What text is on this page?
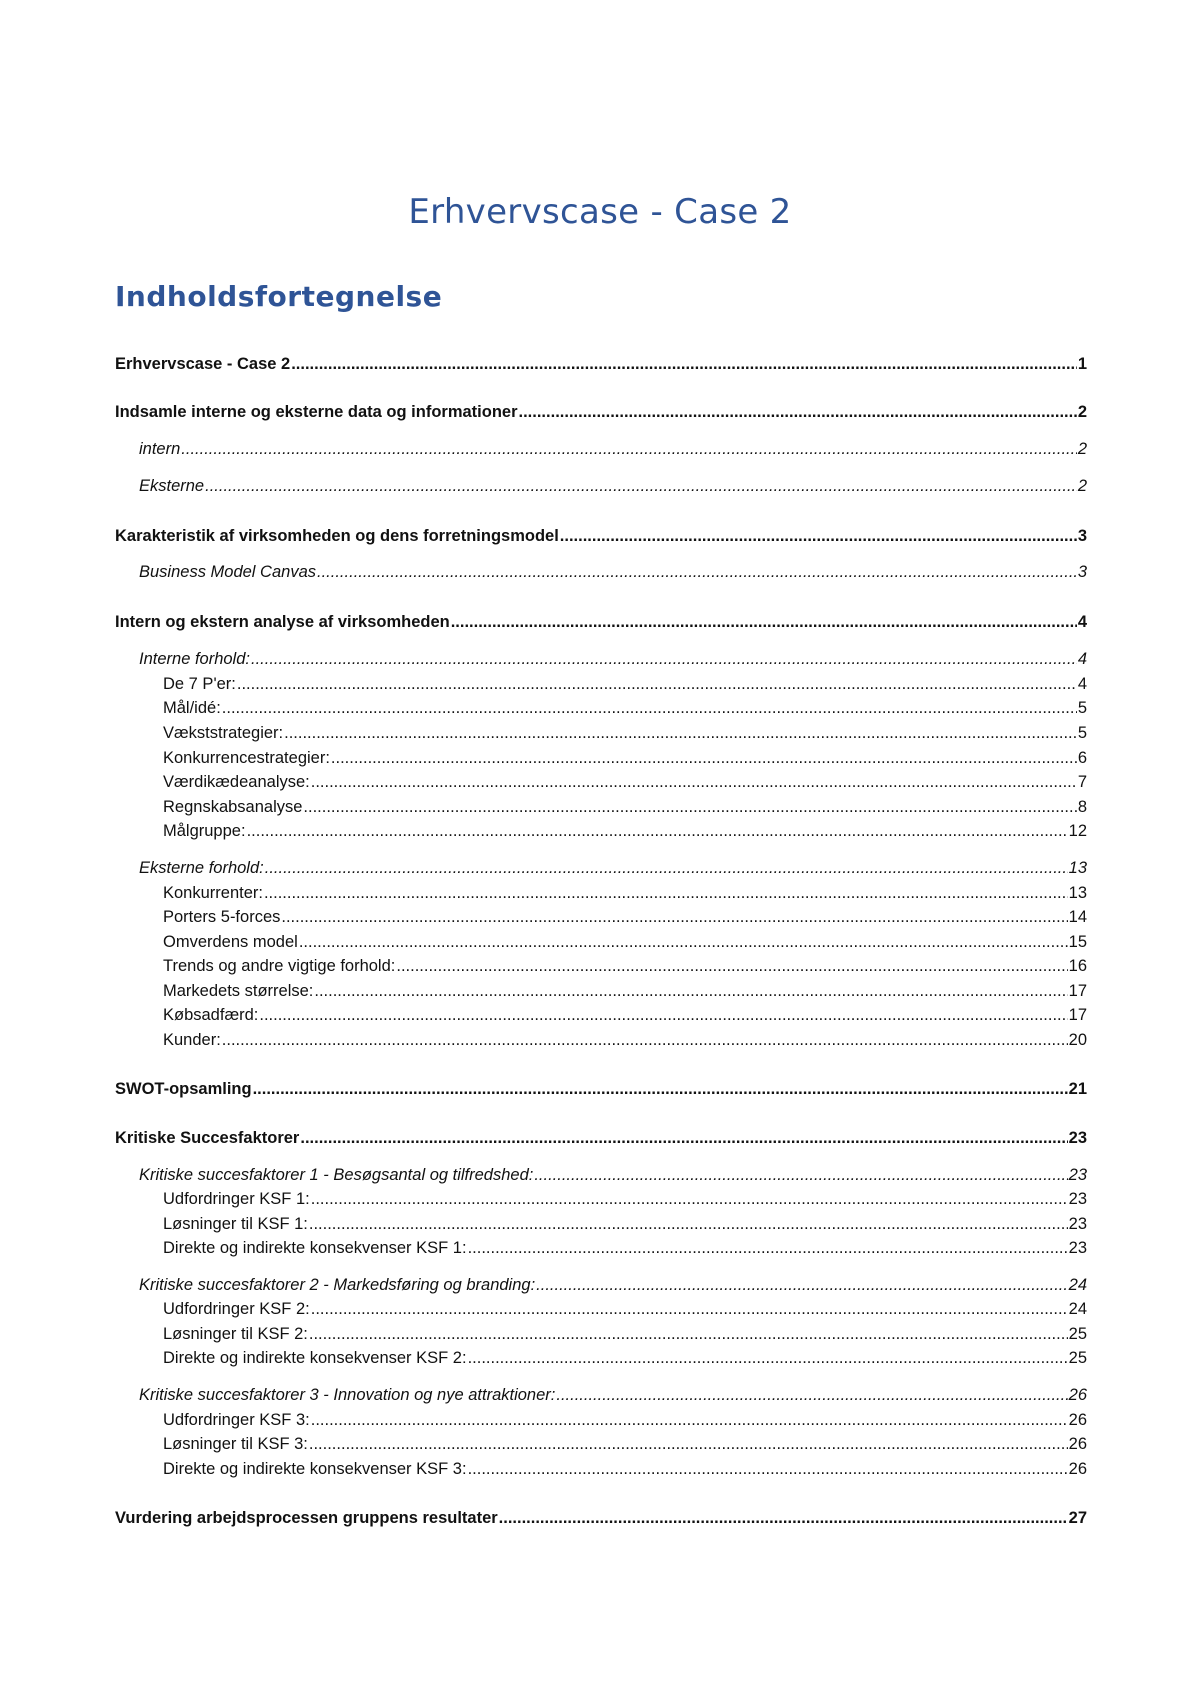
Erhvervscase - Case 2
Indholdsfortegnelse
Erhvervscase - Case 2 .....	1
Indsamle interne og eksterne data og informationer .....	2
intern .....	2
Eksterne .....	2
Karakteristik af virksomheden og dens forretningsmodel .....	3
Business Model Canvas .....	3
Intern og ekstern analyse af virksomheden .....	4
Interne forhold: .....	4
De 7 P'er: .....	4
Mål/idé: .....	5
Vækststrategier: .....	5
Konkurrencestrategier: .....	6
Værdikædeanalyse: .....	7
Regnskabsanalyse .....	8
Målgruppe: .....	12
Eksterne forhold: .....	13
Konkurrenter: .....	13
Porters 5-forces .....	14
Omverdens model .....	15
Trends og andre vigtige forhold: .....	16
Markedets størrelse: .....	17
Købsadfærd: .....	17
Kunder: .....	20
SWOT-opsamling .....	21
Kritiske Succesfaktorer .....	23
Kritiske succesfaktorer 1 - Besøgsantal og tilfredshed: .....	23
Udfordringer KSF 1: .....	23
Løsninger til KSF 1: .....	23
Direkte og indirekte konsekvenser KSF 1: .....	23
Kritiske succesfaktorer 2 - Markedsføring og branding: .....	24
Udfordringer KSF 2: .....	24
Løsninger til KSF 2: .....	25
Direkte og indirekte konsekvenser KSF 2: .....	25
Kritiske succesfaktorer 3 - Innovation og nye attraktioner: .....	26
Udfordringer KSF 3: .....	26
Løsninger til KSF 3: .....	26
Direkte og indirekte konsekvenser KSF 3: .....	26
Vurdering arbejdsprocessen gruppens resultater .....	27
